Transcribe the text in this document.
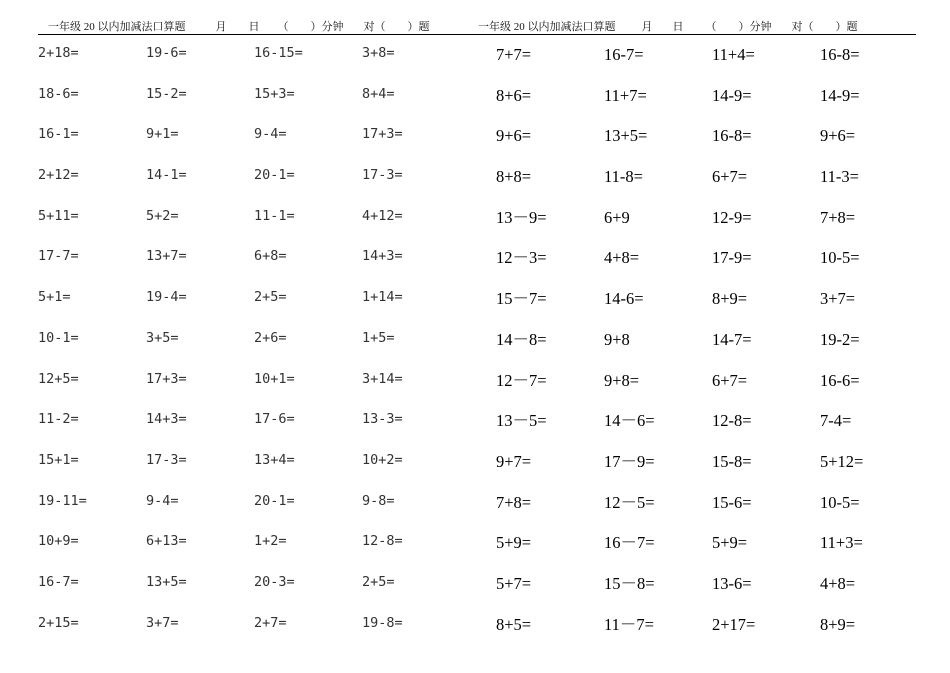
一年级 20 以内加减法口算题	月 日 （　　）分钟 对（　　）题	一年级 20 以内加减法口算题 月 日 （　　）分钟 对（　　）题
2+18=	19-6=	16-15=	3+8=
18-6=	15-2=	15+3=	8+4=
16-1=	9+1=	9-4=	17+3=
2+12=	14-1=	20-1=	17-3=
5+11=	5+2=	11-1=	4+12=
17-7=	13+7=	6+8=	14+3=
5+1=	19-4=	2+5=	1+14=
10-1=	3+5=	2+6=	1+5=
12+5=	17+3=	10+1=	3+14=
11-2=	14+3=	17-6=	13-3=
15+1=	17-3=	13+4=	10+2=
19-11=	9-4=	20-1=	9-8=
10+9=	6+13=	1+2=	12-8=
16-7=	13+5=	20-3=	2+5=
2+15=	3+7=	2+7=	19-8=
7+7=	16-7=	11+4=	16-8=
8+6=	11+7=	14-9=	14-9=
9+6=	13+5=	16-8=	9+6=
8+8=	11-8=	6+7=	11-3=
13－9=	6+9	12-9=	7+8=
12－3=	4+8=	17-9=	10-5=
15－7=	14-6=	8+9=	3+7=
14－8=	9+8	14-7=	19-2=
12－7=	9+8=	6+7=	16-6=
13－5=	14－6=	12-8=	7-4=
9+7=	17－9=	15-8=	5+12=
7+8=	12－5=	15-6=	10-5=
5+9=	16－7=	5+9=	11+3=
5+7=	15－8=	13-6=	4+8=
8+5=	11－7=	2+17=	8+9=
